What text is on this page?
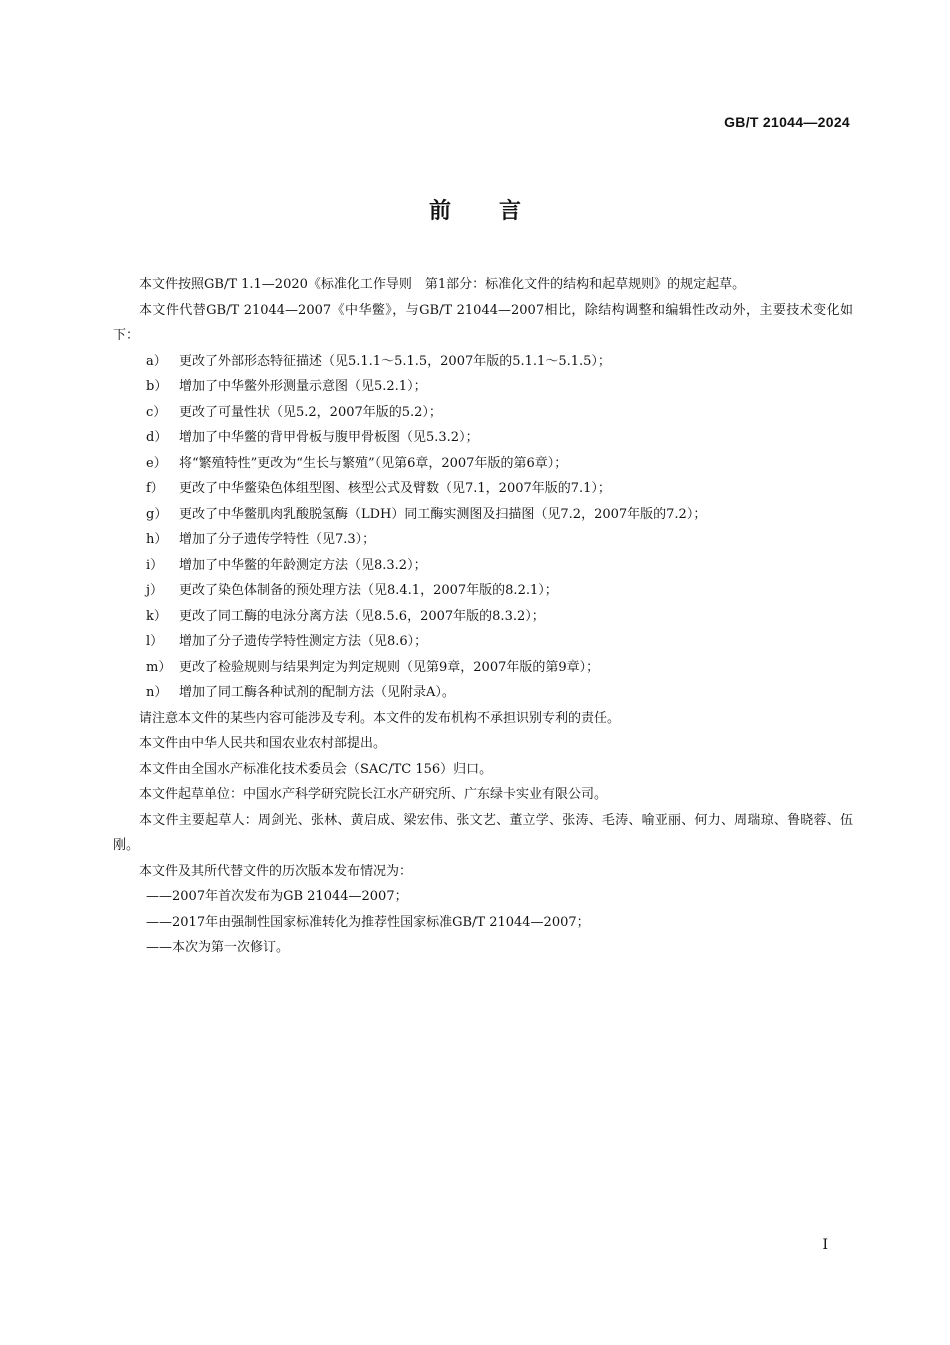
GB/T 21044—2024
前 言

本文件按照GB/T 1.1—2020《标准化工作导则　第1部分：标准化文件的结构和起草规则》的规定起草。

本文件代替GB/T 21044—2007《中华鳖》，与GB/T 21044—2007相比，除结构调整和编辑性改动外，主要技术变化如下：

a） 更改了外部形态特征描述（见5.1.1～5.1.5，2007年版的5.1.1～5.1.5）；

b） 增加了中华鳖外形测量示意图（见5.2.1）；

c） 更改了可量性状（见5.2，2007年版的5.2）；

d） 增加了中华鳖的背甲骨板与腹甲骨板图（见5.3.2）；

e） 将“繁殖特性”更改为“生长与繁殖”（见第6章，2007年版的第6章）；

f） 更改了中华鳖染色体组型图、核型公式及臂数（见7.1，2007年版的7.1）；

g） 更改了中华鳖肌肉乳酸脱氢酶（LDH）同工酶实测图及扫描图（见7.2，2007年版的7.2）；

h） 增加了分子遗传学特性（见7.3）；

i） 增加了中华鳖的年龄测定方法（见8.3.2）；

j） 更改了染色体制备的预处理方法（见8.4.1，2007年版的8.2.1）；

k） 更改了同工酶的电泳分离方法（见8.5.6，2007年版的8.3.2）；

l） 增加了分子遗传学特性测定方法（见8.6）；

m） 更改了检验规则与结果判定为判定规则（见第9章，2007年版的第9章）；

n） 增加了同工酶各种试剂的配制方法（见附录A）。

请注意本文件的某些内容可能涉及专利。本文件的发布机构不承担识别专利的责任。

本文件由中华人民共和国农业农村部提出。

本文件由全国水产标准化技术委员会（SAC/TC 156）归口。

本文件起草单位：中国水产科学研究院长江水产研究所、广东绿卡实业有限公司。

本文件主要起草人：周剑光、张林、黄启成、梁宏伟、张文艺、董立学、张涛、毛涛、喻亚丽、何力、周瑞琼、鲁晓蓉、伍刚。

本文件及其所代替文件的历次版本发布情况为：

——2007年首次发布为GB 21044—2007；

——2017年由强制性国家标准转化为推荐性国家标准GB/T 21044—2007；

——本次为第一次修订。

I
